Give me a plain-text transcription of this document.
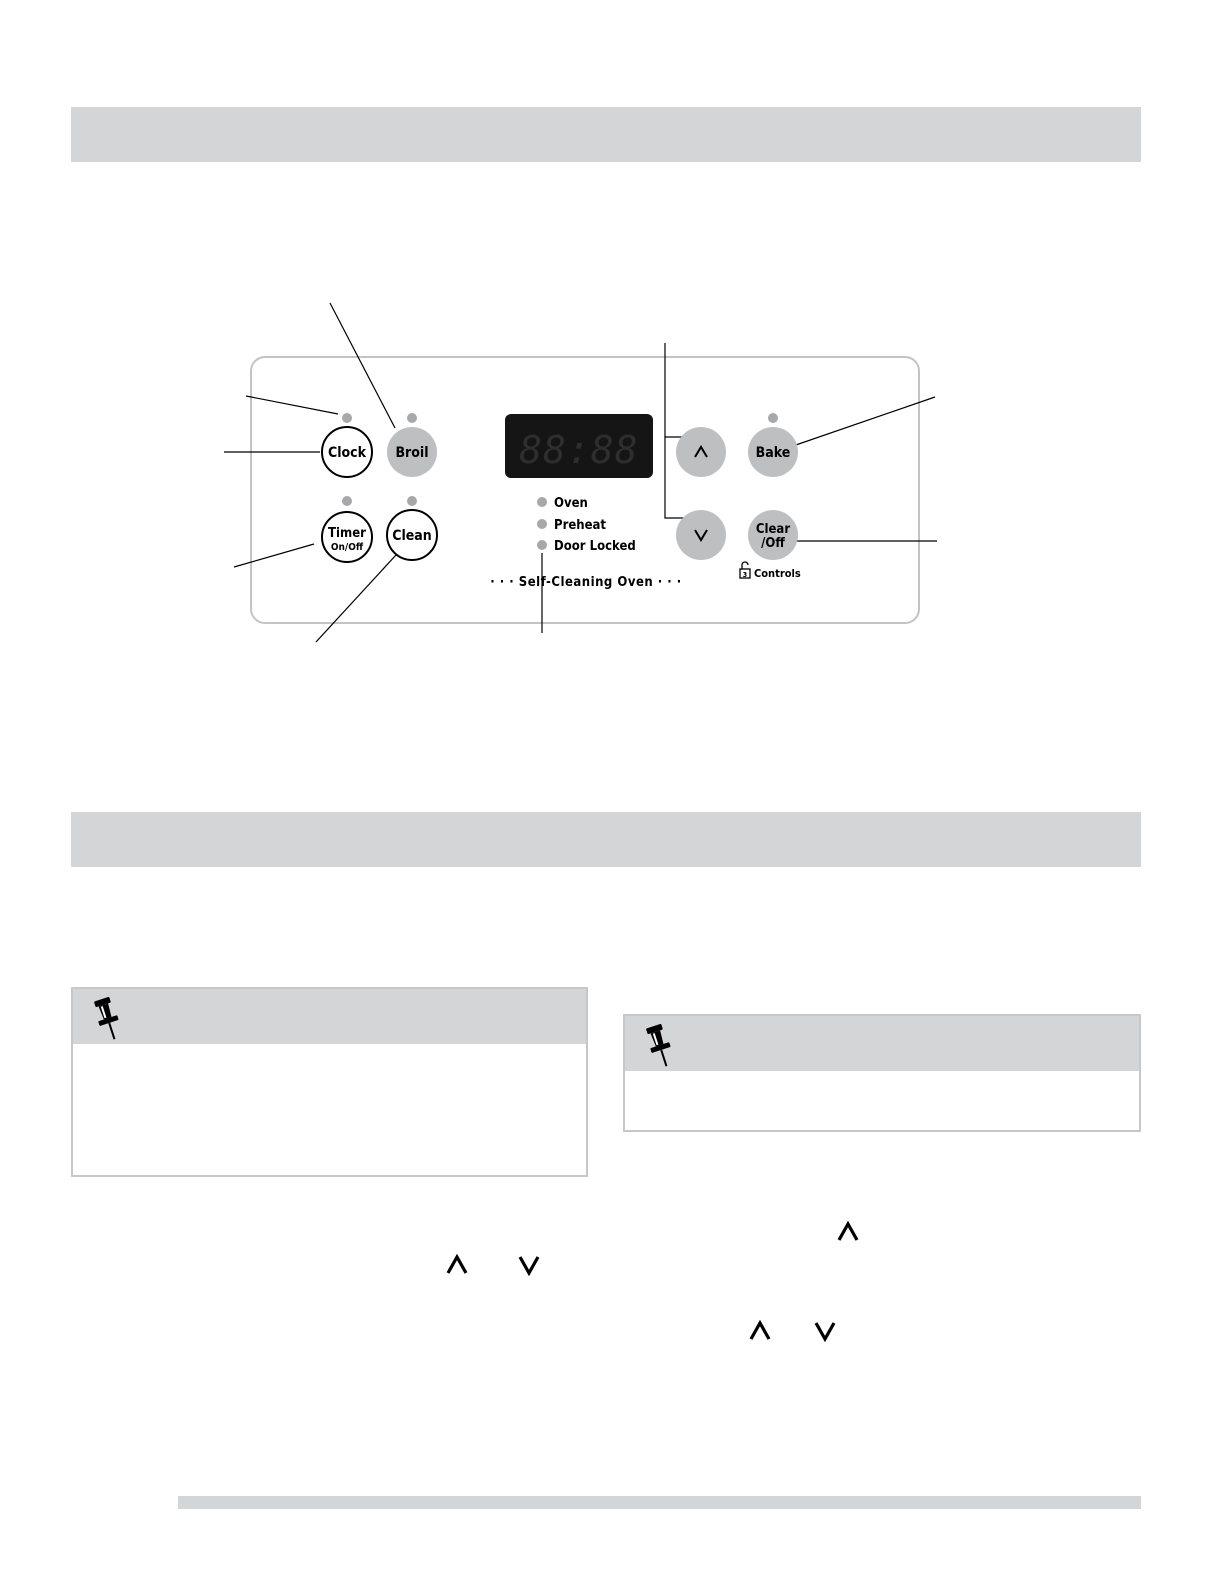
Clock Broil
Timer
On/Off
Clean
88:88
Oven
Preheat
Door Locked
· · · Self-Cleaning Oven · · ·
Bake
Clear
/Off
3 Controls
